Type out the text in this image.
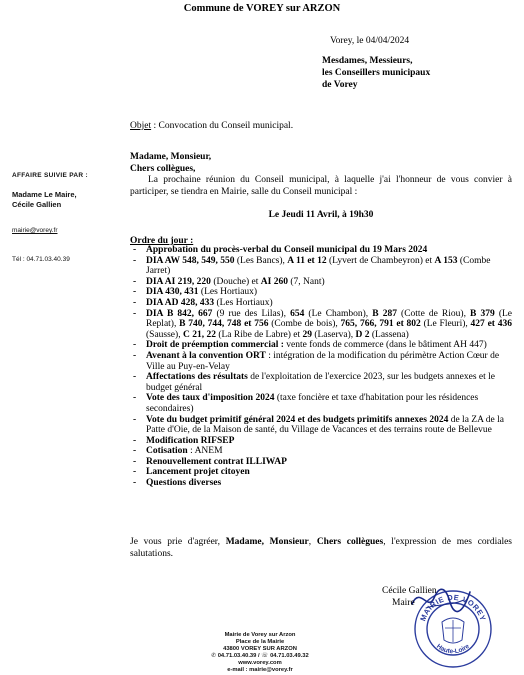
Commune de VOREY sur ARZON
Vorey, le 04/04/2024
Mesdames, Messieurs,
les Conseillers municipaux
de Vorey
Objet : Convocation du Conseil municipal.
Madame, Monsieur,
Chers collègues,
La prochaine réunion du Conseil municipal, à laquelle j'ai l'honneur de vous convier à participer, se tiendra en Mairie, salle du Conseil municipal :
Le Jeudi 11 Avril, à 19h30
AFFAIRE SUIVIE PAR :
Madame Le Maire,
Cécile Gallien
mairie@vorey.fr
Tél : 04.71.03.40.39
Ordre du jour :
- Approbation du procès-verbal du Conseil municipal du 19 Mars 2024
- DIA AW 548, 549, 550 (Les Bancs), A 11 et 12 (Lyvert de Chambeyron) et A 153 (Combe Jarret)
- DIA AI 219, 220 (Douche) et AI 260 (7, Nant)
- DIA 430, 431 (Les Hortiaux)
- DIA AD 428, 433 (Les Hortiaux)
- DIA B 842, 667 (9 rue des Lilas), 654 (Le Chambon), B 287 (Cotte de Riou), B 379 (Le Replat), B 740, 744, 748 et 756 (Combe de bois), 765, 766, 791 et 802 (Le Fleuri), 427 et 436 (Sausse), C 21, 22 (La Ribe de Labre) et 29 (Laserva), D 2 (Lassena)
- Droit de préemption commercial : vente fonds de commerce (dans le bâtiment AH 447)
- Avenant à la convention ORT : intégration de la modification du périmètre Action Cœur de Ville au Puy-en-Velay
- Affectations des résultats de l'exploitation de l'exercice 2023, sur les budgets annexes et le budget général
- Vote des taux d'imposition 2024 (taxe foncière et taxe d'habitation pour les résidences secondaires)
- Vote du budget primitif général 2024 et des budgets primitifs annexes 2024 de la ZA de la Patte d'Oie, de la Maison de santé, du Village de Vacances et des terrains route de Bellevue
- Modification RIFSEP
- Cotisation : ANEM
- Renouvellement contrat ILLIWAP
- Lancement projet citoyen
- Questions diverses
Je vous prie d'agréer, Madame, Monsieur, Chers collègues, l'expression de mes cordiales salutations.
MAIRIE DE VOREY
Haute-Loire
Cécile Gallien
Maire
Mairie de Vorey sur Arzon
Place de la Mairie
43800 VOREY SUR ARZON
✆ 04.71.03.40.39 / ☏ 04.71.03.49.32
www.vorey.com
e-mail : mairie@vorey.fr
